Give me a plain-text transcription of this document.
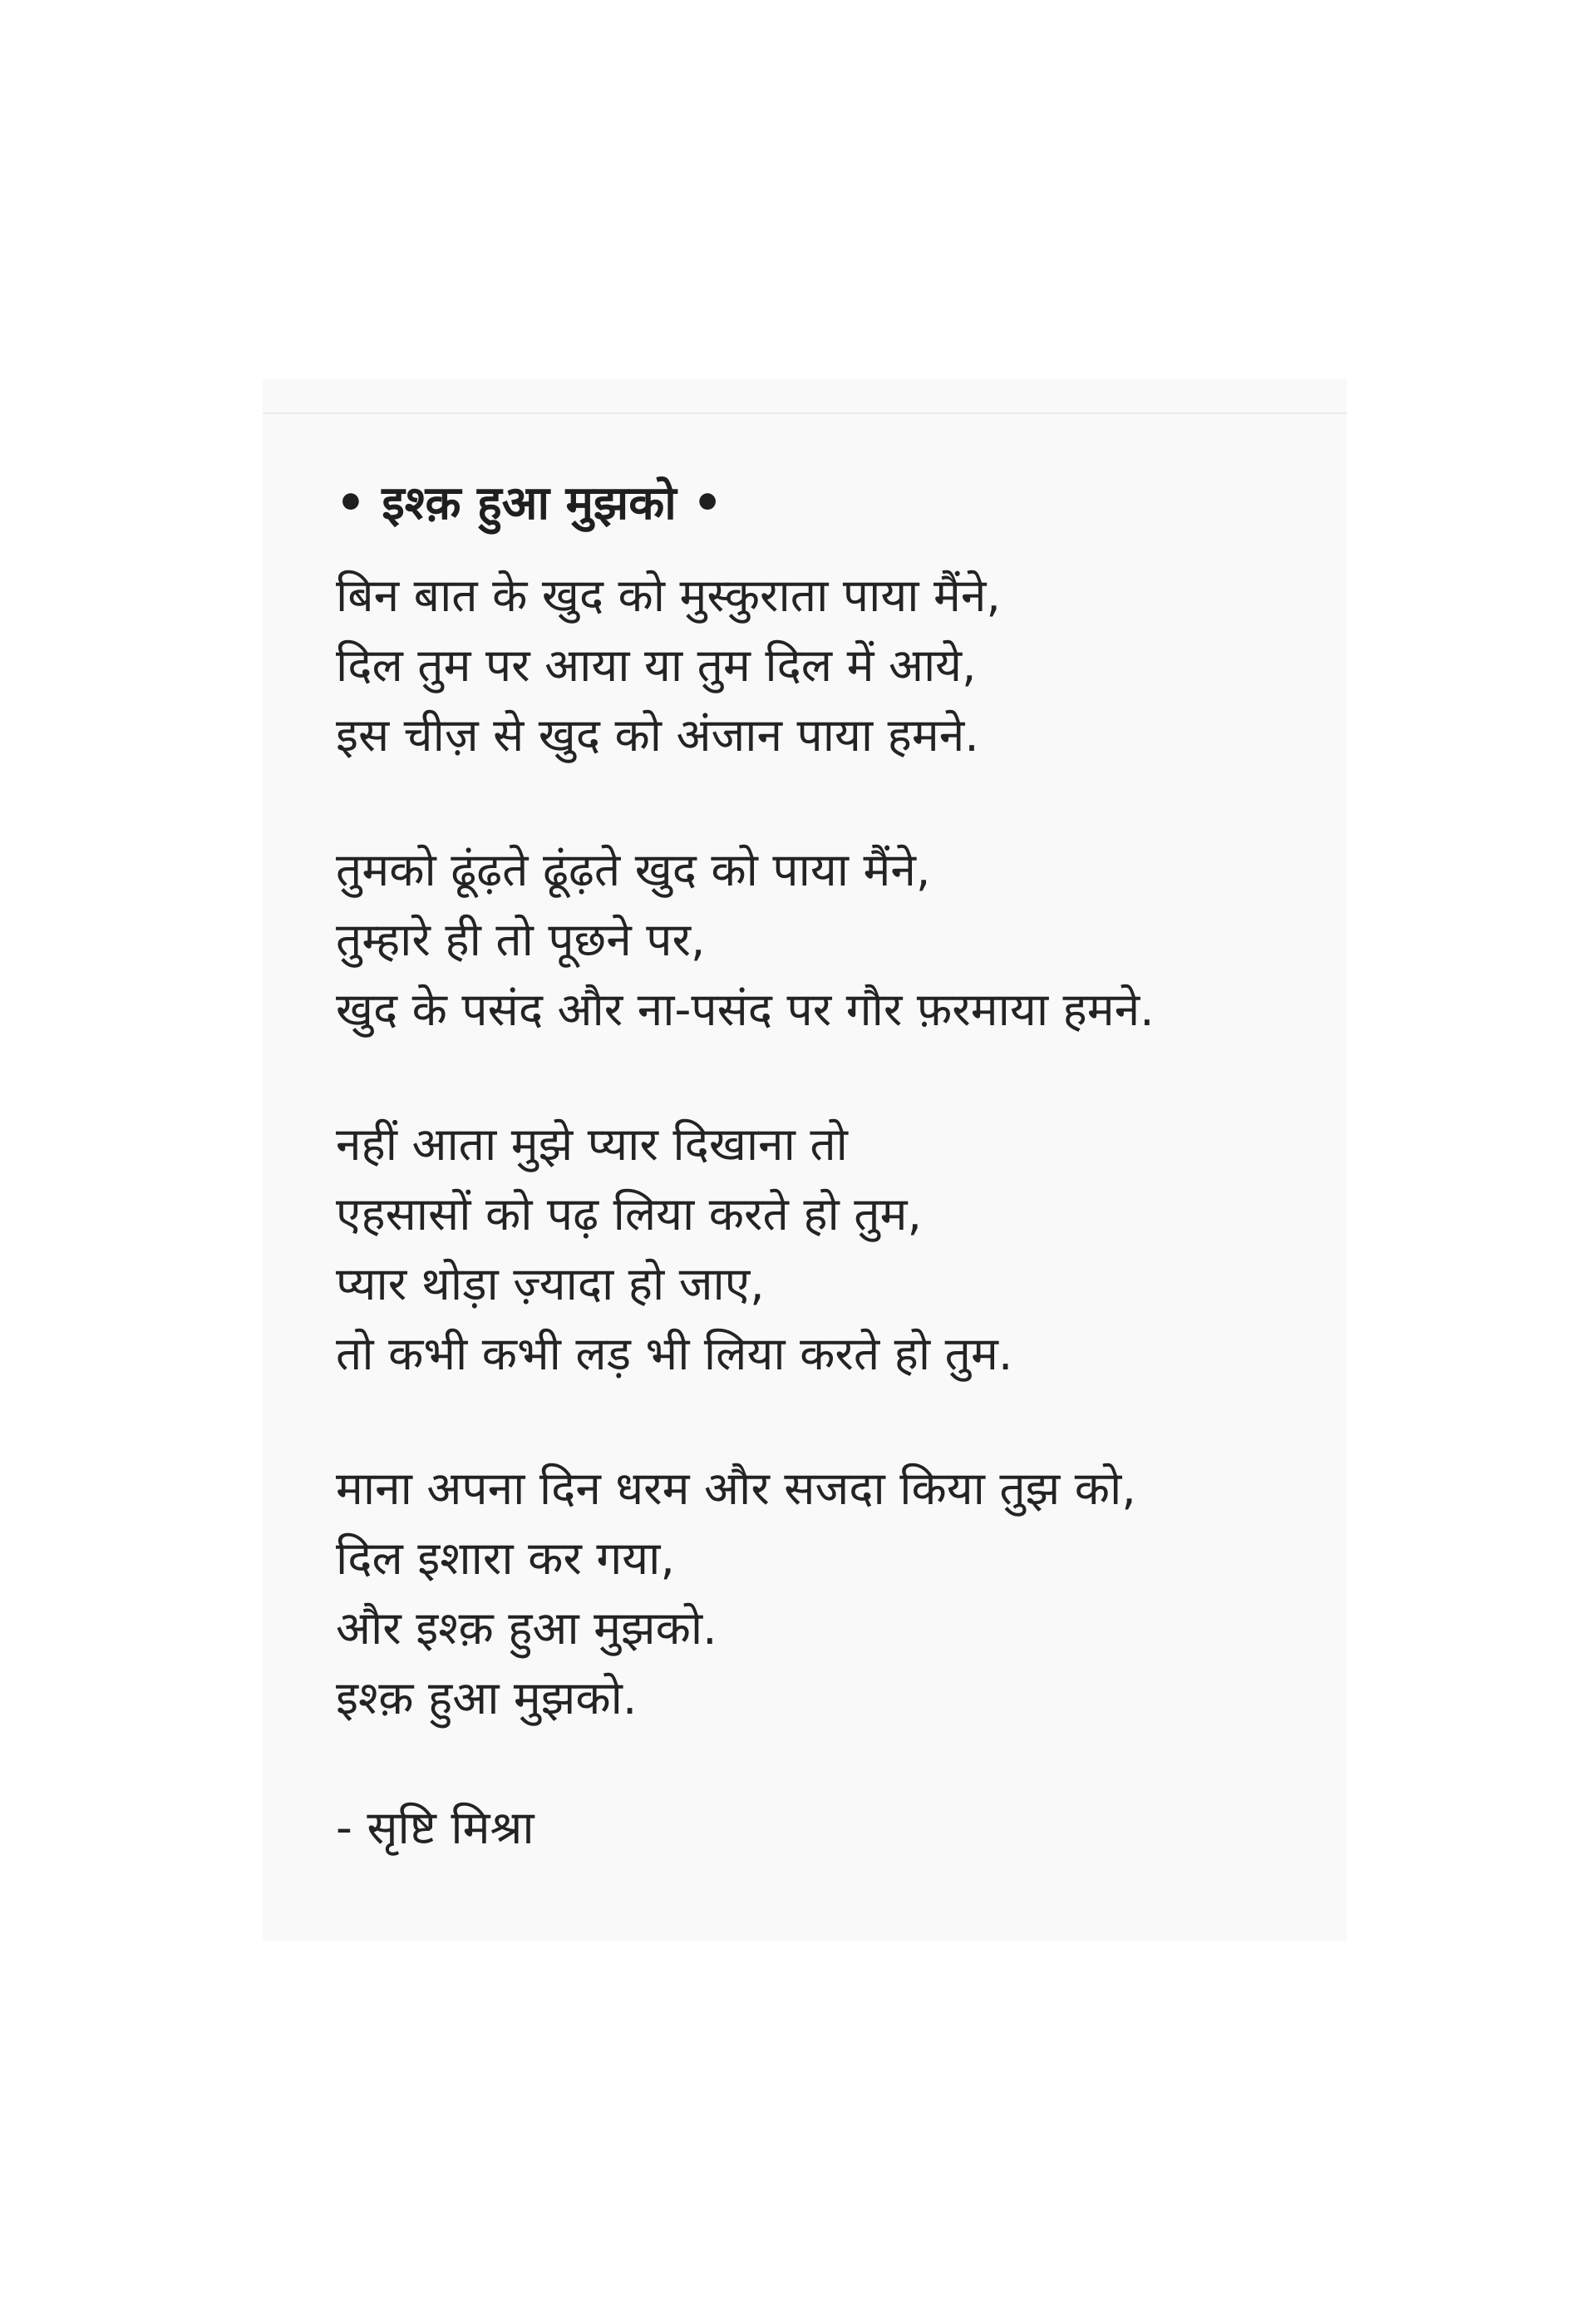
• इश्क़ हुआ मुझको •
बिन बात के खुद को मुस्कुराता पाया मैंने,
दिल तुम पर आया या तुम दिल में आये,
इस चीज़ से खुद को अंजान पाया हमने.
तुमको ढूंढ़ते ढूंढ़ते खुद को पाया मैंने,
तुम्हारे ही तो पूछने पर,
खुद के पसंद और ना-पसंद पर गौर फ़रमाया हमने.
नहीं आता मुझे प्यार दिखाना तो
एहसासों को पढ़ लिया करते हो तुम,
प्यार थोड़ा ज़्यादा हो जाए,
तो कभी कभी लड़ भी लिया करते हो तुम.
माना अपना दिन धरम और सजदा किया तुझ को,
दिल इशारा कर गया,
और इश्क़ हुआ मुझको.
इश्क़ हुआ मुझको.
- सृष्टि मिश्रा
